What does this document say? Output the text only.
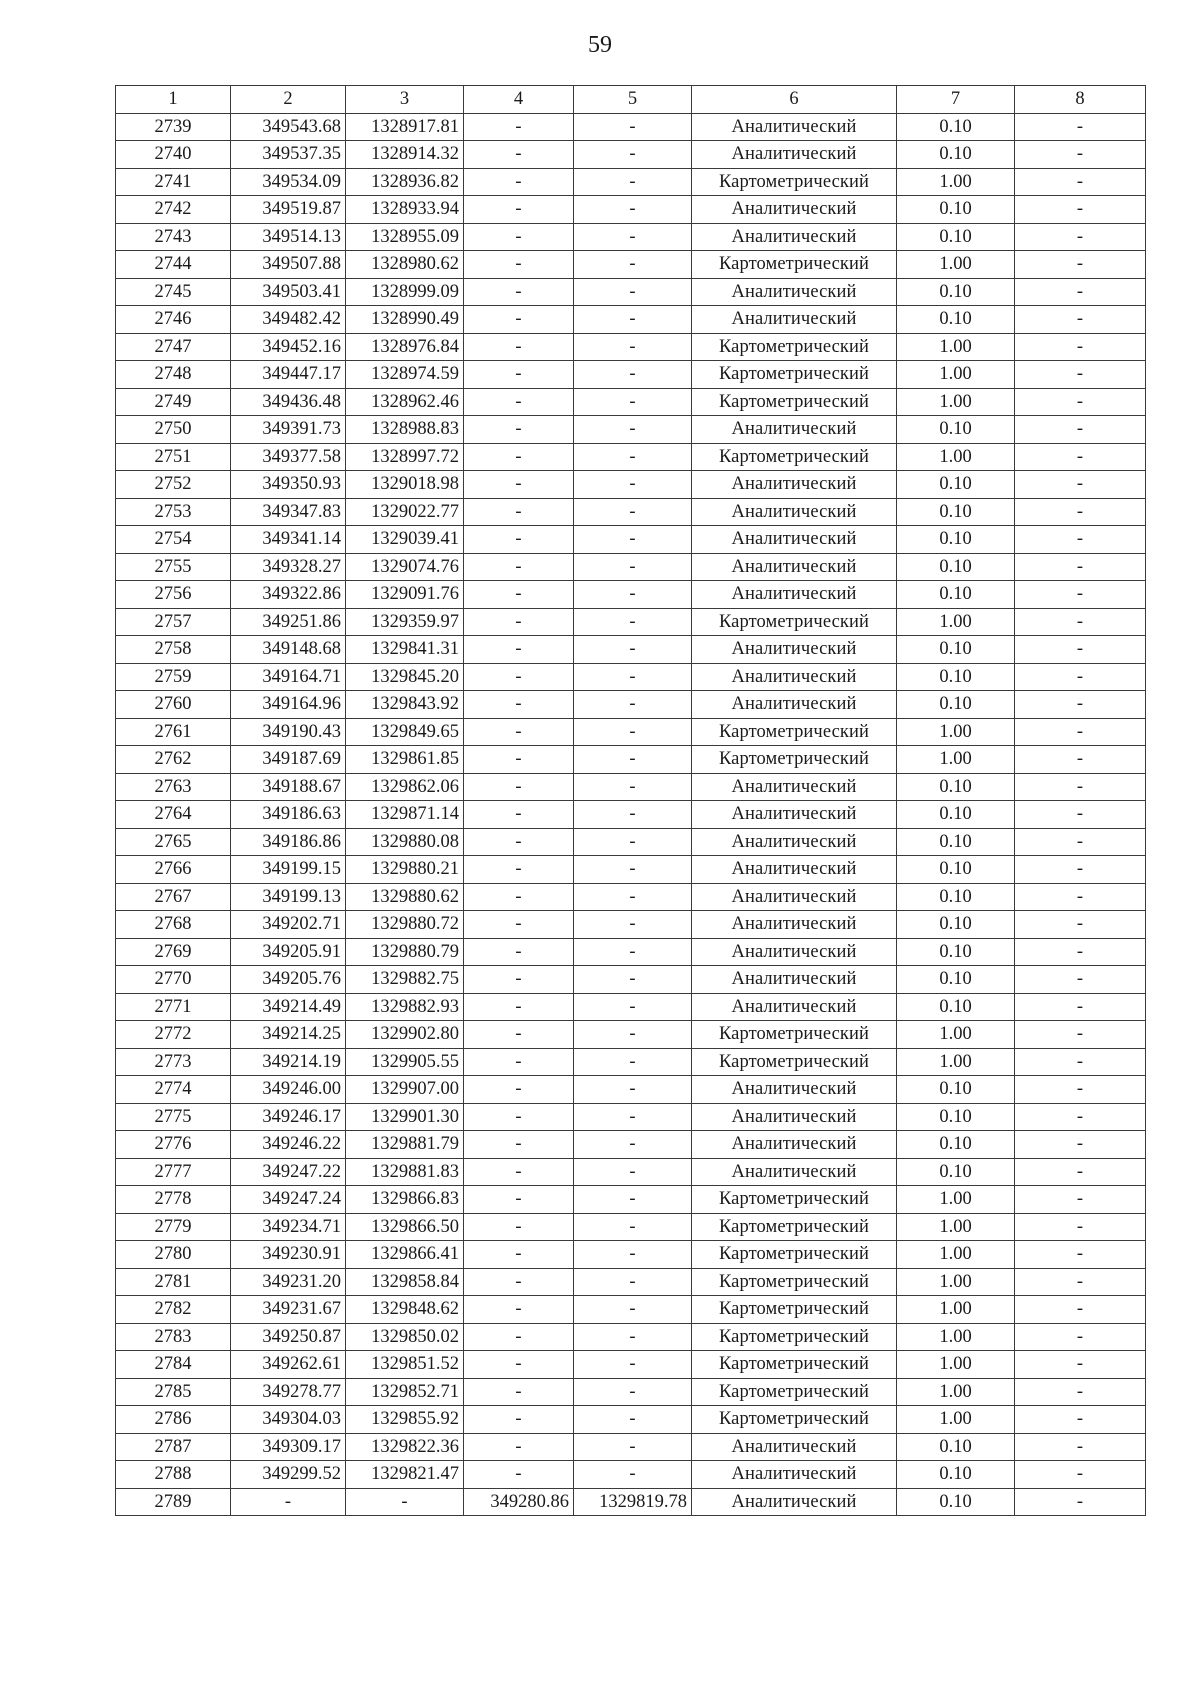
59
1	2	3	4	5	6	7	8
2739	349543.68	1328917.81	-	-	Аналитический	0.10	-
2740	349537.35	1328914.32	-	-	Аналитический	0.10	-
2741	349534.09	1328936.82	-	-	Картометрический	1.00	-
2742	349519.87	1328933.94	-	-	Аналитический	0.10	-
2743	349514.13	1328955.09	-	-	Аналитический	0.10	-
2744	349507.88	1328980.62	-	-	Картометрический	1.00	-
2745	349503.41	1328999.09	-	-	Аналитический	0.10	-
2746	349482.42	1328990.49	-	-	Аналитический	0.10	-
2747	349452.16	1328976.84	-	-	Картометрический	1.00	-
2748	349447.17	1328974.59	-	-	Картометрический	1.00	-
2749	349436.48	1328962.46	-	-	Картометрический	1.00	-
2750	349391.73	1328988.83	-	-	Аналитический	0.10	-
2751	349377.58	1328997.72	-	-	Картометрический	1.00	-
2752	349350.93	1329018.98	-	-	Аналитический	0.10	-
2753	349347.83	1329022.77	-	-	Аналитический	0.10	-
2754	349341.14	1329039.41	-	-	Аналитический	0.10	-
2755	349328.27	1329074.76	-	-	Аналитический	0.10	-
2756	349322.86	1329091.76	-	-	Аналитический	0.10	-
2757	349251.86	1329359.97	-	-	Картометрический	1.00	-
2758	349148.68	1329841.31	-	-	Аналитический	0.10	-
2759	349164.71	1329845.20	-	-	Аналитический	0.10	-
2760	349164.96	1329843.92	-	-	Аналитический	0.10	-
2761	349190.43	1329849.65	-	-	Картометрический	1.00	-
2762	349187.69	1329861.85	-	-	Картометрический	1.00	-
2763	349188.67	1329862.06	-	-	Аналитический	0.10	-
2764	349186.63	1329871.14	-	-	Аналитический	0.10	-
2765	349186.86	1329880.08	-	-	Аналитический	0.10	-
2766	349199.15	1329880.21	-	-	Аналитический	0.10	-
2767	349199.13	1329880.62	-	-	Аналитический	0.10	-
2768	349202.71	1329880.72	-	-	Аналитический	0.10	-
2769	349205.91	1329880.79	-	-	Аналитический	0.10	-
2770	349205.76	1329882.75	-	-	Аналитический	0.10	-
2771	349214.49	1329882.93	-	-	Аналитический	0.10	-
2772	349214.25	1329902.80	-	-	Картометрический	1.00	-
2773	349214.19	1329905.55	-	-	Картометрический	1.00	-
2774	349246.00	1329907.00	-	-	Аналитический	0.10	-
2775	349246.17	1329901.30	-	-	Аналитический	0.10	-
2776	349246.22	1329881.79	-	-	Аналитический	0.10	-
2777	349247.22	1329881.83	-	-	Аналитический	0.10	-
2778	349247.24	1329866.83	-	-	Картометрический	1.00	-
2779	349234.71	1329866.50	-	-	Картометрический	1.00	-
2780	349230.91	1329866.41	-	-	Картометрический	1.00	-
2781	349231.20	1329858.84	-	-	Картометрический	1.00	-
2782	349231.67	1329848.62	-	-	Картометрический	1.00	-
2783	349250.87	1329850.02	-	-	Картометрический	1.00	-
2784	349262.61	1329851.52	-	-	Картометрический	1.00	-
2785	349278.77	1329852.71	-	-	Картометрический	1.00	-
2786	349304.03	1329855.92	-	-	Картометрический	1.00	-
2787	349309.17	1329822.36	-	-	Аналитический	0.10	-
2788	349299.52	1329821.47	-	-	Аналитический	0.10	-
2789	-	-	349280.86	1329819.78	Аналитический	0.10	-
